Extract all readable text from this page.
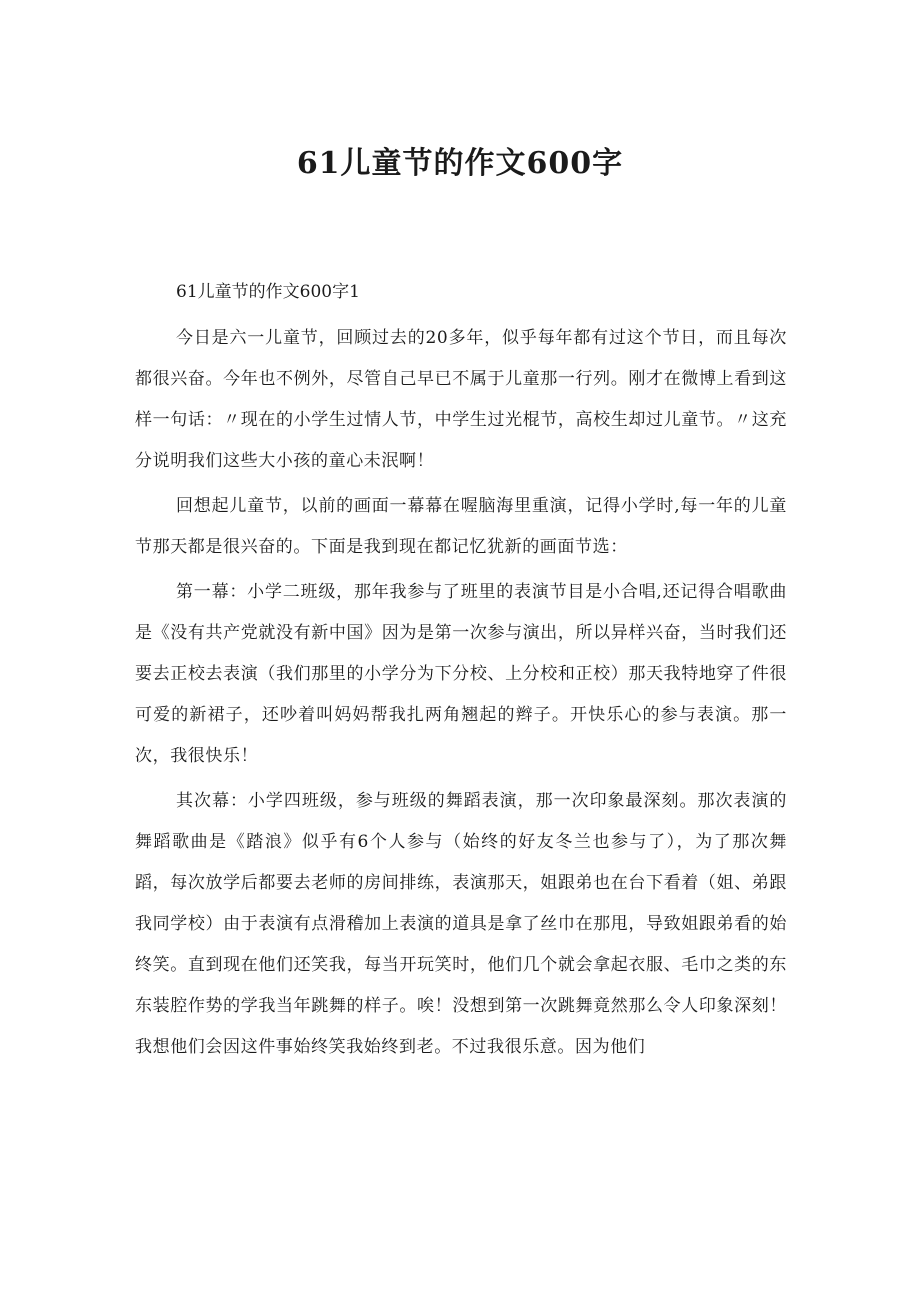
61儿童节的作文600字

61儿童节的作文600字1

今日是六一儿童节，回顾过去的20多年，似乎每年都有过这个节日，而且每次都很兴奋。今年也不例外，尽管自己早已不属于儿童那一行列。刚才在微博上看到这样一句话：〃现在的小学生过情人节，中学生过光棍节，高校生却过儿童节。〃这充分说明我们这些大小孩的童心未泯啊！

回想起儿童节，以前的画面一幕幕在喔脑海里重演，记得小学时,每一年的儿童节那天都是很兴奋的。下面是我到现在都记忆犹新的画面节选：

第一幕：小学二班级，那年我参与了班里的表演节目是小合唱,还记得合唱歌曲是《没有共产党就没有新中国》因为是第一次参与演出，所以异样兴奋，当时我们还要去正校去表演（我们那里的小学分为下分校、上分校和正校）那天我特地穿了件很可爱的新裙子，还吵着叫妈妈帮我扎两角翘起的辫子。开快乐心的参与表演。那一次，我很快乐！

其次幕：小学四班级，参与班级的舞蹈表演，那一次印象最深刻。那次表演的舞蹈歌曲是《踏浪》似乎有6个人参与（始终的好友冬兰也参与了），为了那次舞蹈，每次放学后都要去老师的房间排练，表演那天，姐跟弟也在台下看着（姐、弟跟我同学校）由于表演有点滑稽加上表演的道具是拿了丝巾在那甩，导致姐跟弟看的始终笑。直到现在他们还笑我，每当开玩笑时，他们几个就会拿起衣服、毛巾之类的东东装腔作势的学我当年跳舞的样子。唉！没想到第一次跳舞竟然那么令人印象深刻！我想他们会因这件事始终笑我始终到老。不过我很乐意。因为他们
